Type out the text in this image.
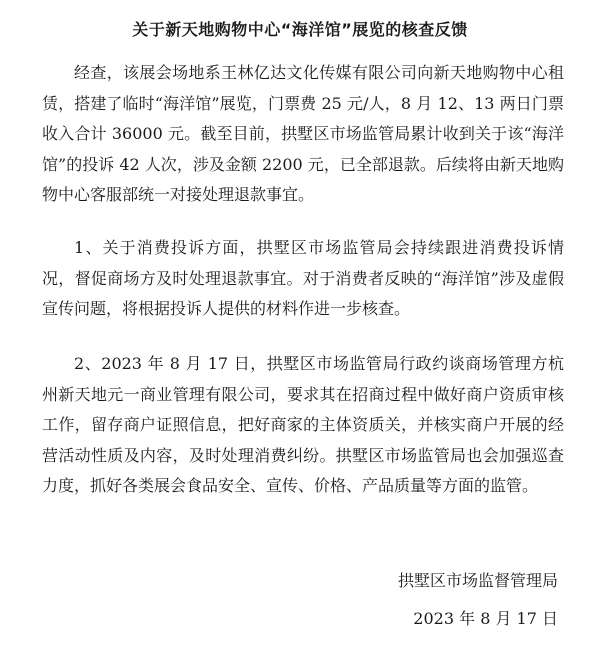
关于新天地购物中心“海洋馆”展览的核查反馈

经查，该展会场地系王林亿达文化传媒有限公司向新天地购物中心租赁，搭建了临时“海洋馆”展览，门票费 25 元/人，8 月 12、13 两日门票收入合计 36000 元。截至目前，拱墅区市场监管局累计收到关于该“海洋馆”的投诉 42 人次，涉及金额 2200 元，已全部退款。后续将由新天地购物中心客服部统一对接处理退款事宜。

1、关于消费投诉方面，拱墅区市场监管局会持续跟进消费投诉情况，督促商场方及时处理退款事宜。对于消费者反映的“海洋馆”涉及虚假宣传问题，将根据投诉人提供的材料作进一步核查。

2、2023 年 8 月 17 日，拱墅区市场监管局行政约谈商场管理方杭州新天地元一商业管理有限公司，要求其在招商过程中做好商户资质审核工作，留存商户证照信息，把好商家的主体资质关，并核实商户开展的经营活动性质及内容，及时处理消费纠纷。拱墅区市场监管局也会加强巡查力度，抓好各类展会食品安全、宣传、价格、产品质量等方面的监管。

拱墅区市场监督管理局
2023 年 8 月 17 日
